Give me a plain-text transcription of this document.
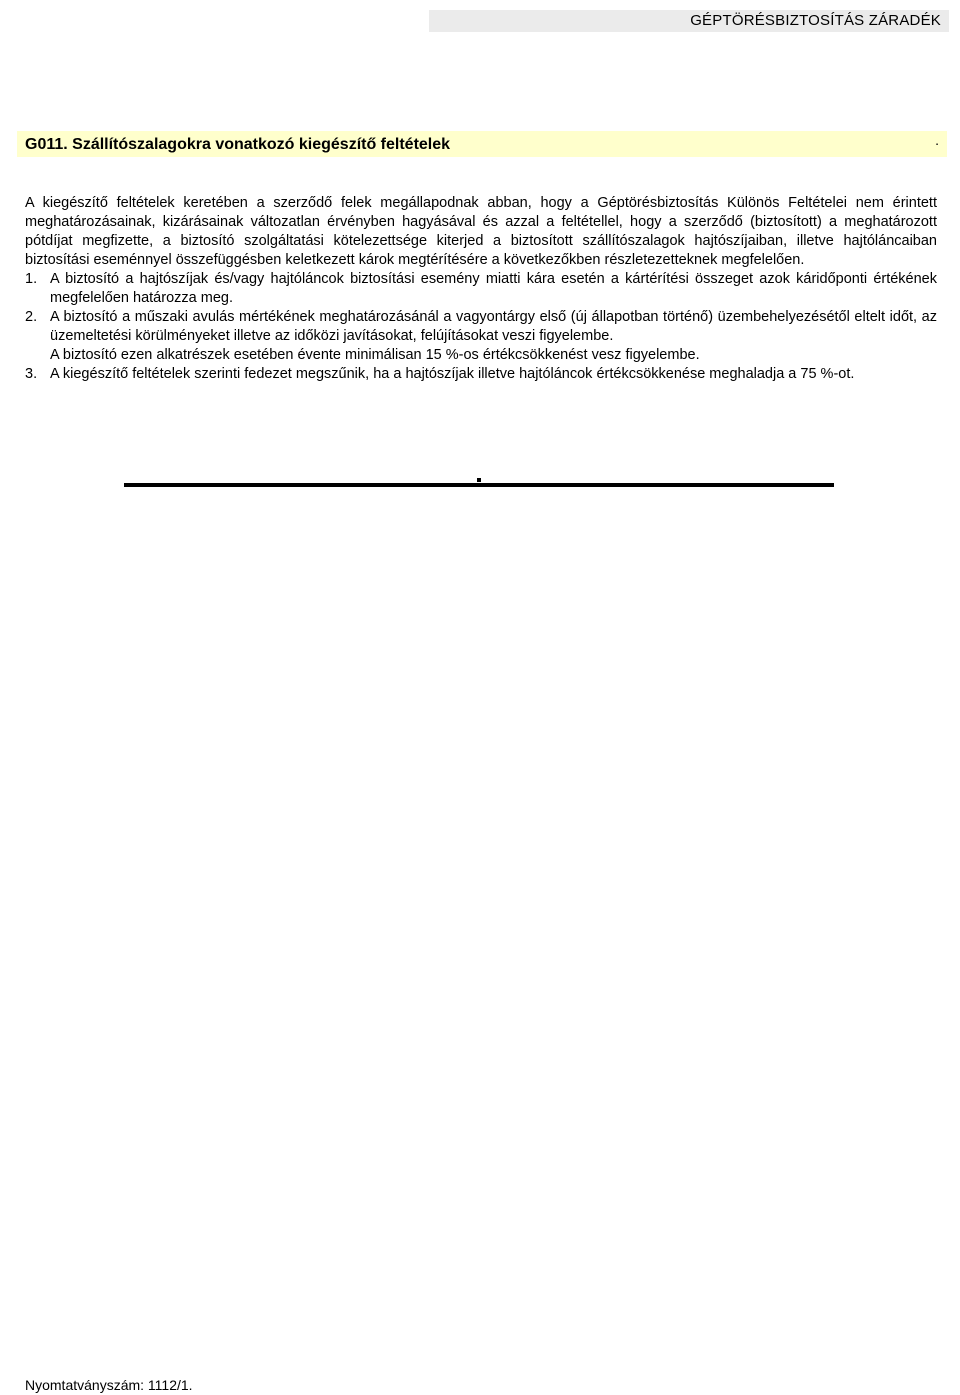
GÉPTÖRÉSBIZTOSÍTÁS ZÁRADÉK
G011. Szállítószalagokra vonatkozó kiegészítő feltételek	.

A kiegészítő feltételek keretében a szerződő felek megállapodnak abban, hogy a Géptörésbiztosítás Különös Feltételei nem érintett meghatározásainak, kizárásainak változatlan érvényben hagyásával és azzal a feltétellel, hogy a szerződő (biztosított) a meghatározott pótdíjat megfizette, a biztosító szolgáltatási kötelezettsége kiterjed a biztosított szállítószalagok hajtószíjaiban, illetve hajtóláncaiban biztosítási eseménnyel összefüggésben keletkezett károk megtérítésére a következőkben részletezetteknek megfelelően.

1. A biztosító a hajtószíjak és/vagy hajtóláncok biztosítási esemény miatti kára esetén a kártérítési összeget azok káridőponti értékének megfelelően határozza meg.

2. A biztosító a műszaki avulás mértékének meghatározásánál a vagyontárgy első (új állapotban történő) üzembehelyezésétől eltelt időt, az üzemeltetési körülményeket illetve az időközi javításokat, felújításokat veszi figyelembe.

A biztosító ezen alkatrészek esetében évente minimálisan 15 %-os értékcsökkenést vesz figyelembe.

3. A kiegészítő feltételek szerinti fedezet megszűnik, ha a hajtószíjak illetve hajtóláncok értékcsökkenése meghaladja a 75 %-ot.

Nyomtatványszám: 1112/1.
